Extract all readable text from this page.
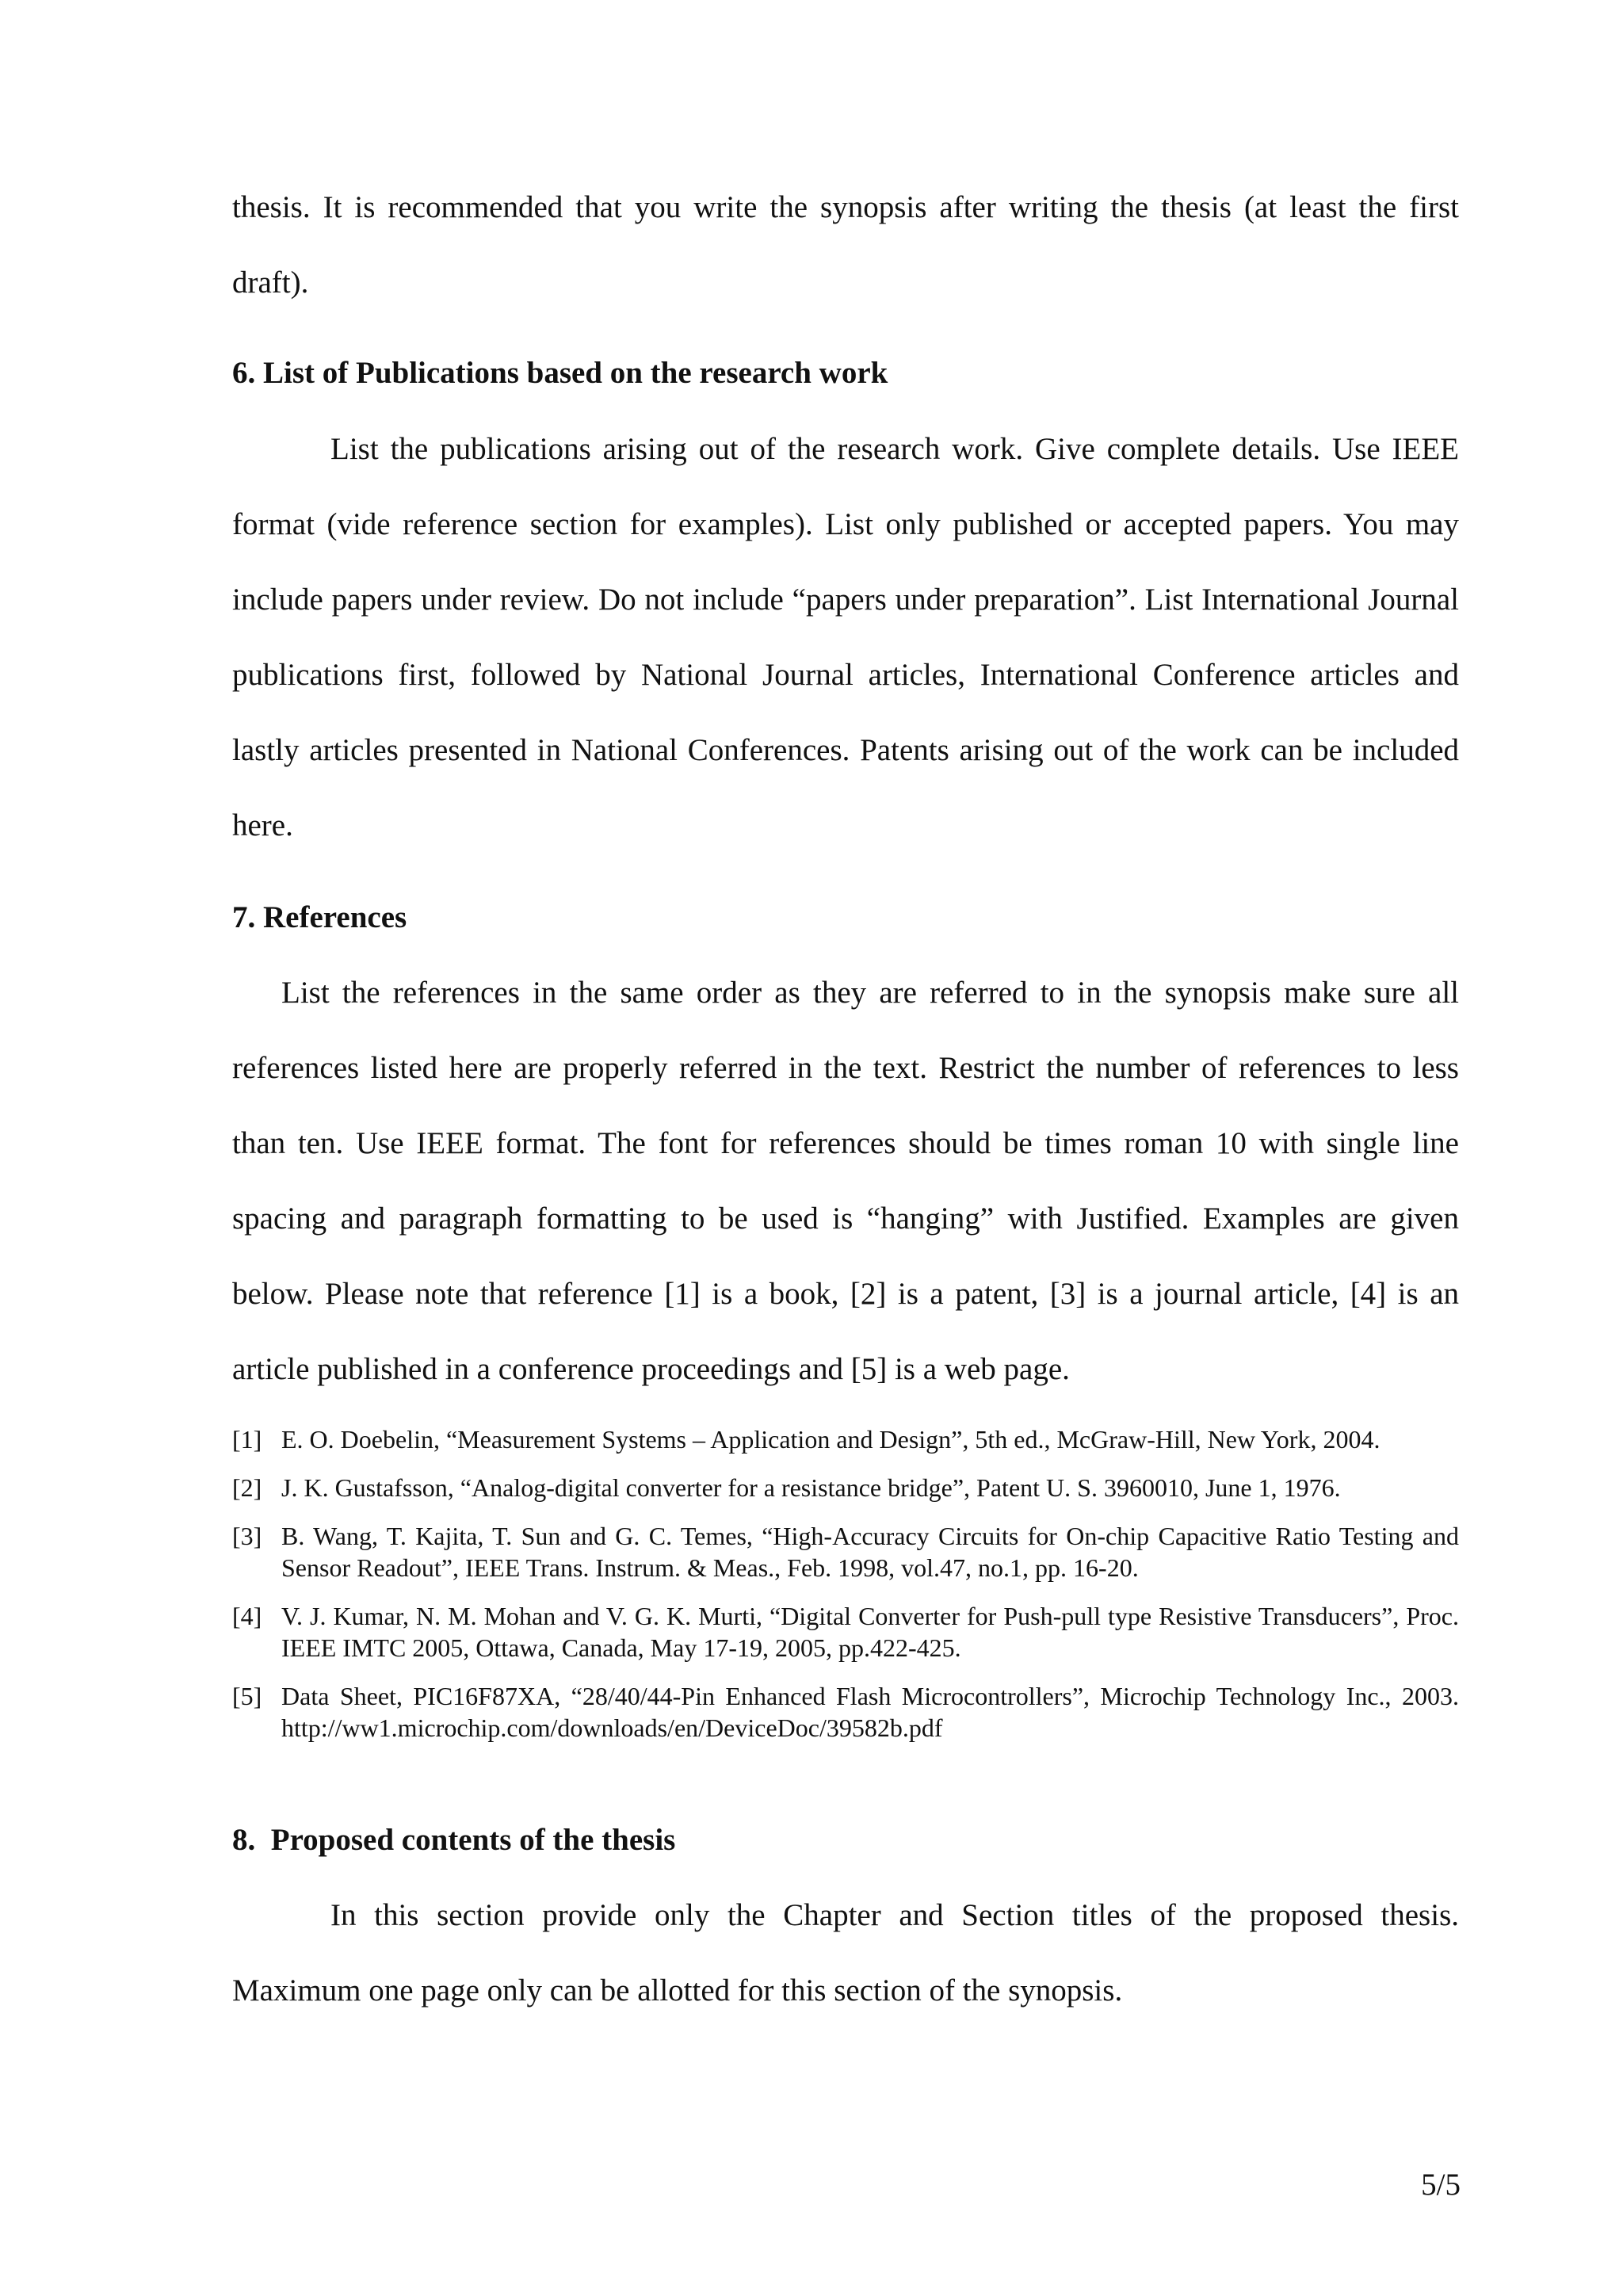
thesis. It is recommended that you write the synopsis after writing the thesis (at least the first draft).

6. List of Publications based on the research work

List the publications arising out of the research work. Give complete details. Use IEEE format (vide reference section for examples). List only published or accepted papers. You may include papers under review. Do not include “papers under preparation”. List International Journal publications first, followed by National Journal articles, International Conference articles and lastly articles presented in National Conferences. Patents arising out of the work can be included here.

7. References

List the references in the same order as they are referred to in the synopsis make sure all references listed here are properly referred in the text. Restrict the number of references to less than ten. Use IEEE format. The font for references should be times roman 10 with single line spacing and paragraph formatting to be used is “hanging” with Justified. Examples are given below. Please note that reference [1] is a book, [2] is a patent, [3] is a journal article, [4] is an article published in a conference proceedings and [5] is a web page.

[1] E. O. Doebelin, “Measurement Systems – Application and Design”, 5th ed., McGraw-Hill, New York, 2004.
[2] J. K. Gustafsson, “Analog-digital converter for a resistance bridge”, Patent U. S. 3960010, June 1, 1976.
[3] B. Wang, T. Kajita, T. Sun and G. C. Temes, “High-Accuracy Circuits for On-chip Capacitive Ratio Testing and Sensor Readout”, IEEE Trans. Instrum. & Meas., Feb. 1998, vol.47, no.1, pp. 16-20.
[4] V. J. Kumar, N. M. Mohan and V. G. K. Murti, “Digital Converter for Push-pull type Resistive Transducers”, Proc. IEEE IMTC 2005, Ottawa, Canada, May 17-19, 2005, pp.422-425.
[5] Data Sheet, PIC16F87XA, “28/40/44-Pin Enhanced Flash Microcontrollers”, Microchip Technology Inc., 2003. http://ww1.microchip.com/downloads/en/DeviceDoc/39582b.pdf
8.  Proposed contents of the thesis

In this section provide only the Chapter and Section titles of the proposed thesis. Maximum one page only can be allotted for this section of the synopsis.

5/5
